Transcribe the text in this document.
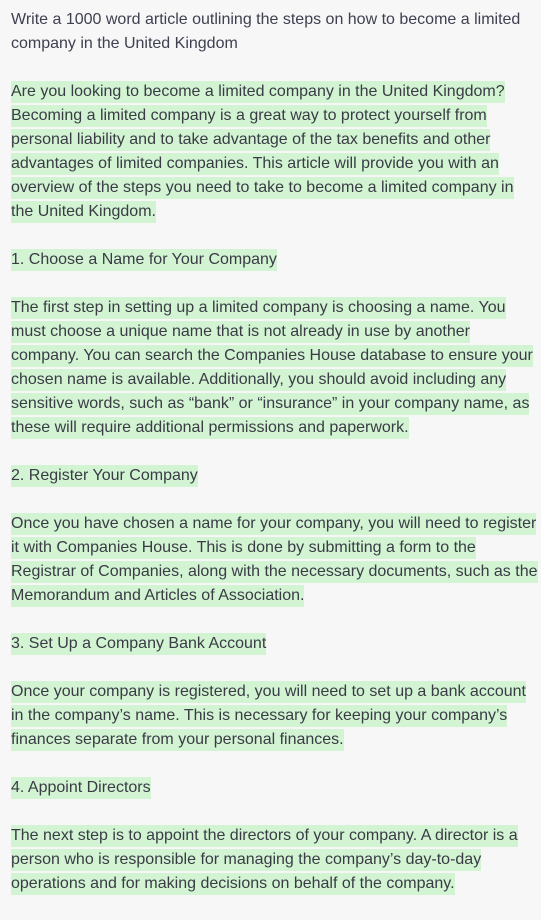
Write a 1000 word article outlining the steps on how to become a limited company in the United Kingdom

Are you looking to become a limited company in the United Kingdom? Becoming a limited company is a great way to protect yourself from personal liability and to take advantage of the tax benefits and other advantages of limited companies. This article will provide you with an overview of the steps you need to take to become a limited company in the United Kingdom.

1. Choose a Name for Your Company

The first step in setting up a limited company is choosing a name. You must choose a unique name that is not already in use by another company. You can search the Companies House database to ensure your chosen name is available. Additionally, you should avoid including any sensitive words, such as “bank” or “insurance” in your company name, as these will require additional permissions and paperwork.

2. Register Your Company

Once you have chosen a name for your company, you will need to register it with Companies House. This is done by submitting a form to the Registrar of Companies, along with the necessary documents, such as the Memorandum and Articles of Association.

3. Set Up a Company Bank Account

Once your company is registered, you will need to set up a bank account in the company’s name. This is necessary for keeping your company’s finances separate from your personal finances.

4. Appoint Directors

The next step is to appoint the directors of your company. A director is a person who is responsible for managing the company’s day-to-day operations and for making decisions on behalf of the company.
